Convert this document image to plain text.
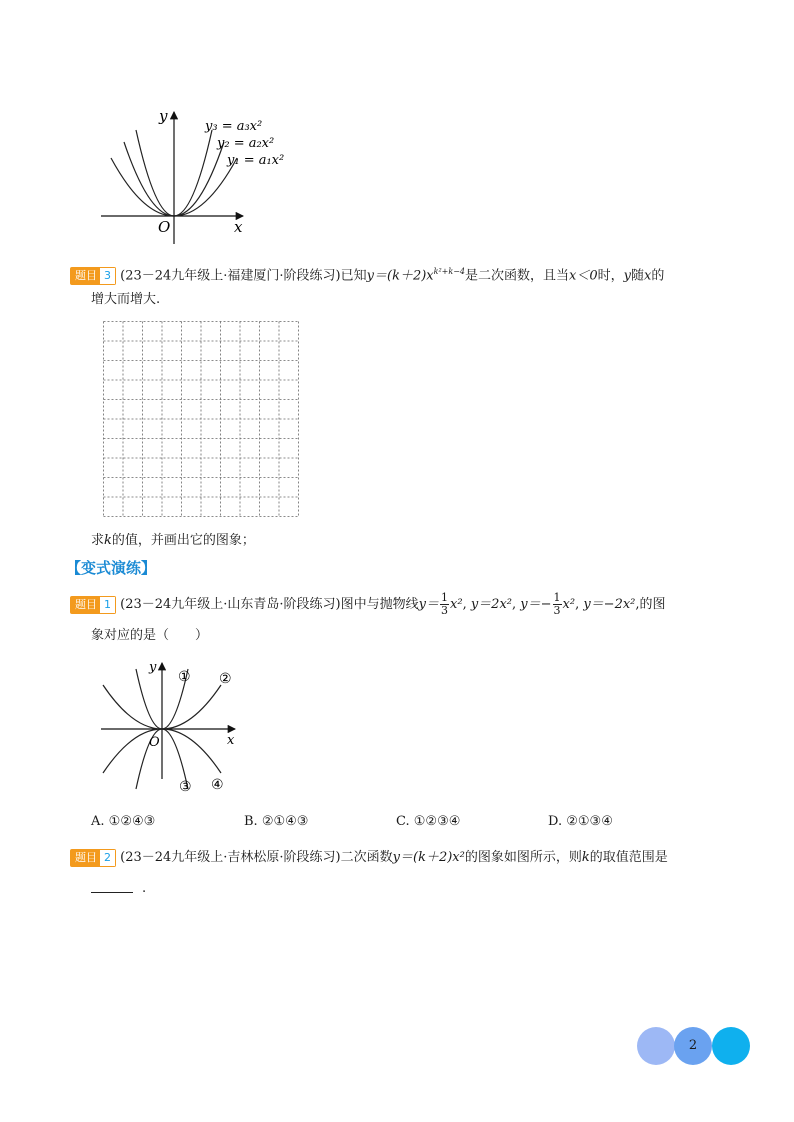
y
x
O
y₃ = a₃x²
y₂ = a₂x²
y₁ = a₁x²
题目 3 (23－24九年级上·福建厦门·阶段练习)已知$y=(k+2)x^{k^2+k-4}$是二次函数，且当x＜0时，y随x的
增大而增大.
求k的值，并画出它的图象；
【变式演练】
题目 1 (23－24九年级上·山东青岛·阶段练习)图中与抛物线$y= \frac{1}{3} x^2$, y＝2x², $y=- \frac{1}{3} x^2$, y＝−2x²,的图
象对应的是（　　）
y
x
O
① ②
③ ④
A. ①②④③	B. ②①④③	C. ①②③④	D. ②①③④
题目 2 (23－24九年级上·吉林松原·阶段练习)二次函数y＝(k＋2)x²的图象如图所示，则k的取值范围是
.
2
